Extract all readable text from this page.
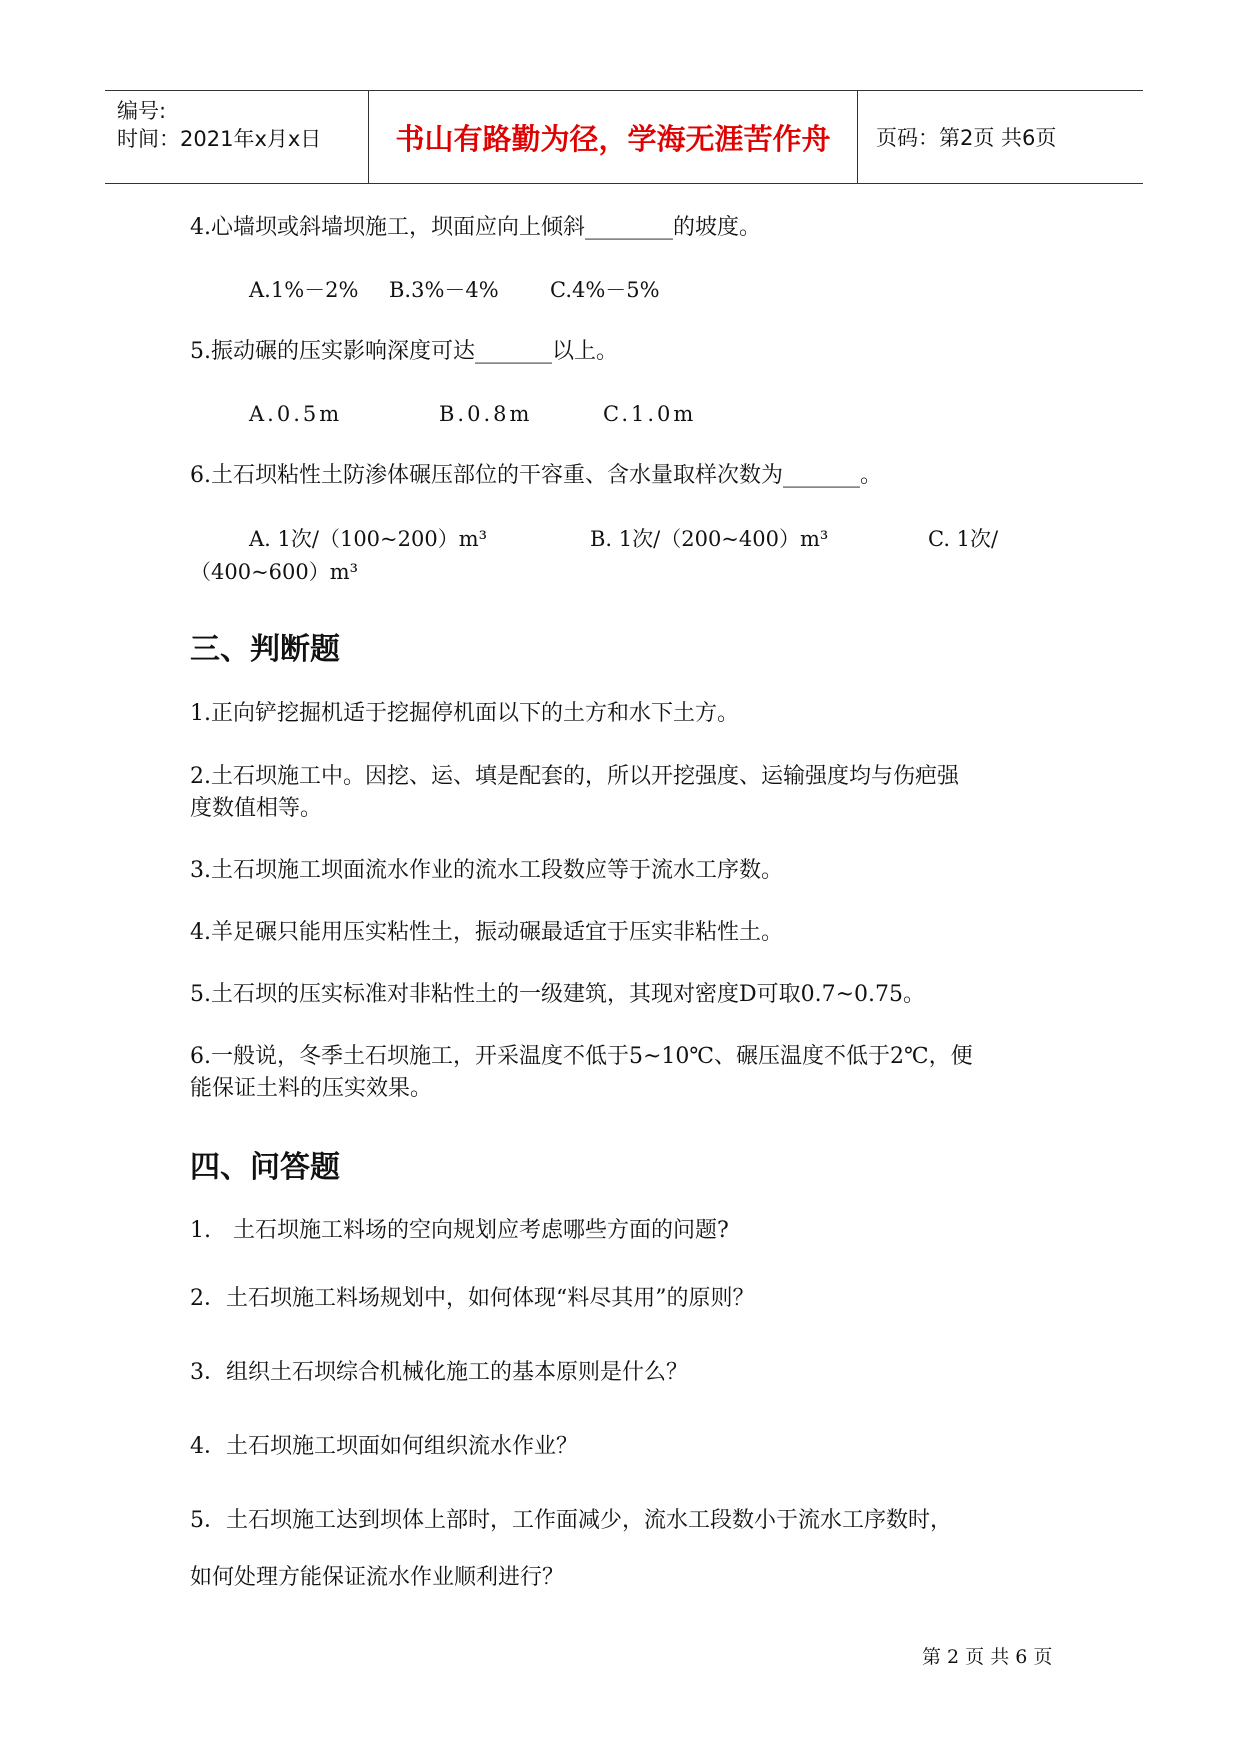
编号:
时间：2021年x月x日	书山有路勤为径，学海无涯苦作舟	页码：第2页 共6页
4.心墙坝或斜墙坝施工，坝面应向上倾斜________的坡度。
A.1%－2% B.3%－4% C.4%－5%
5.振动碾的压实影响深度可达_______以上。
A.0.5m	B.0.8m	C.1.0m
6.土石坝粘性土防渗体碾压部位的干容重、含水量取样次数为_______。
A. 1次/（100~200）m³	B. 1次/（200~400）m³	C. 1次/
（400~600）m³
三、判断题
1.正向铲挖掘机适于挖掘停机面以下的土方和水下土方。
2.土石坝施工中。因挖、运、填是配套的，所以开挖强度、运输强度均与伤疤强
度数值相等。
3.土石坝施工坝面流水作业的流水工段数应等于流水工序数。
4.羊足碾只能用压实粘性土，振动碾最适宜于压实非粘性土。
5.土石坝的压实标准对非粘性土的一级建筑，其现对密度D可取0.7~0.75。
6.一般说，冬季土石坝施工，开采温度不低于5~10℃、碾压温度不低于2℃，便
能保证土料的压实效果。
四、问答题
1.　土石坝施工料场的空向规划应考虑哪些方面的问题?
2．土石坝施工料场规划中，如何体现“料尽其用”的原则？
3．组织土石坝综合机械化施工的基本原则是什么？
4．土石坝施工坝面如何组织流水作业？
5．土石坝施工达到坝体上部时，工作面减少，流水工段数小于流水工序数时，
如何处理方能保证流水作业顺利进行？
第 2 页 共 6 页
